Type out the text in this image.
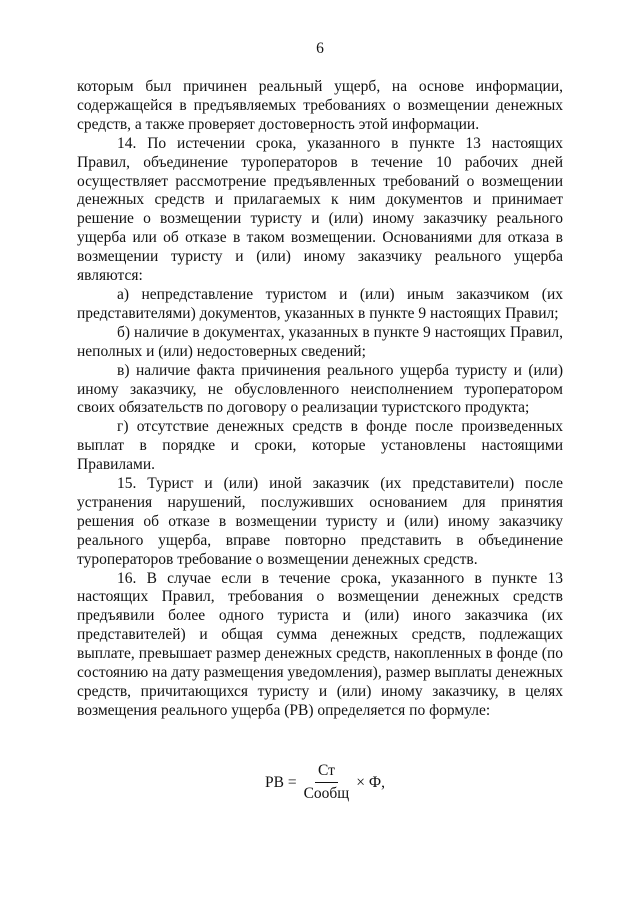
6

которым был причинен реальный ущерб, на основе информации, содержащейся в предъявляемых требованиях о возмещении денежных средств, а также проверяет достоверность этой информации.

14. По истечении срока, указанного в пункте 13 настоящих Правил, объединение туроператоров в течение 10 рабочих дней осуществляет рассмотрение предъявленных требований о возмещении денежных средств и прилагаемых к ним документов и принимает решение о возмещении туристу и (или) иному заказчику реального ущерба или об отказе в таком возмещении. Основаниями для отказа в возмещении туристу и (или) иному заказчику реального ущерба являются:

а) непредставление туристом и (или) иным заказчиком (их представителями) документов, указанных в пункте 9 настоящих Правил;

б) наличие в документах, указанных в пункте 9 настоящих Правил, неполных и (или) недостоверных сведений;

в) наличие факта причинения реального ущерба туристу и (или) иному заказчику, не обусловленного неисполнением туроператором своих обязательств по договору о реализации туристского продукта;

г) отсутствие денежных средств в фонде после произведенных выплат в порядке и сроки, которые установлены настоящими Правилами.

15. Турист и (или) иной заказчик (их представители) после устранения нарушений, послуживших основанием для принятия решения об отказе в возмещении туристу и (или) иному заказчику реального ущерба, вправе повторно представить в объединение туроператоров требование о возмещении денежных средств.

16. В случае если в течение срока, указанного в пункте 13 настоящих Правил, требования о возмещении денежных средств предъявили более одного туриста и (или) иного заказчика (их представителей) и общая сумма денежных средств, подлежащих выплате, превышает размер денежных средств, накопленных в фонде (по состоянию на дату размещения уведомления), размер выплаты денежных средств, причитающихся туристу и (или) иному заказчику, в целях возмещения реального ущерба (РВ) определяется по формуле:

РВ = $\frac{Ст}{\text{Сообщ}} \times Ф$,
